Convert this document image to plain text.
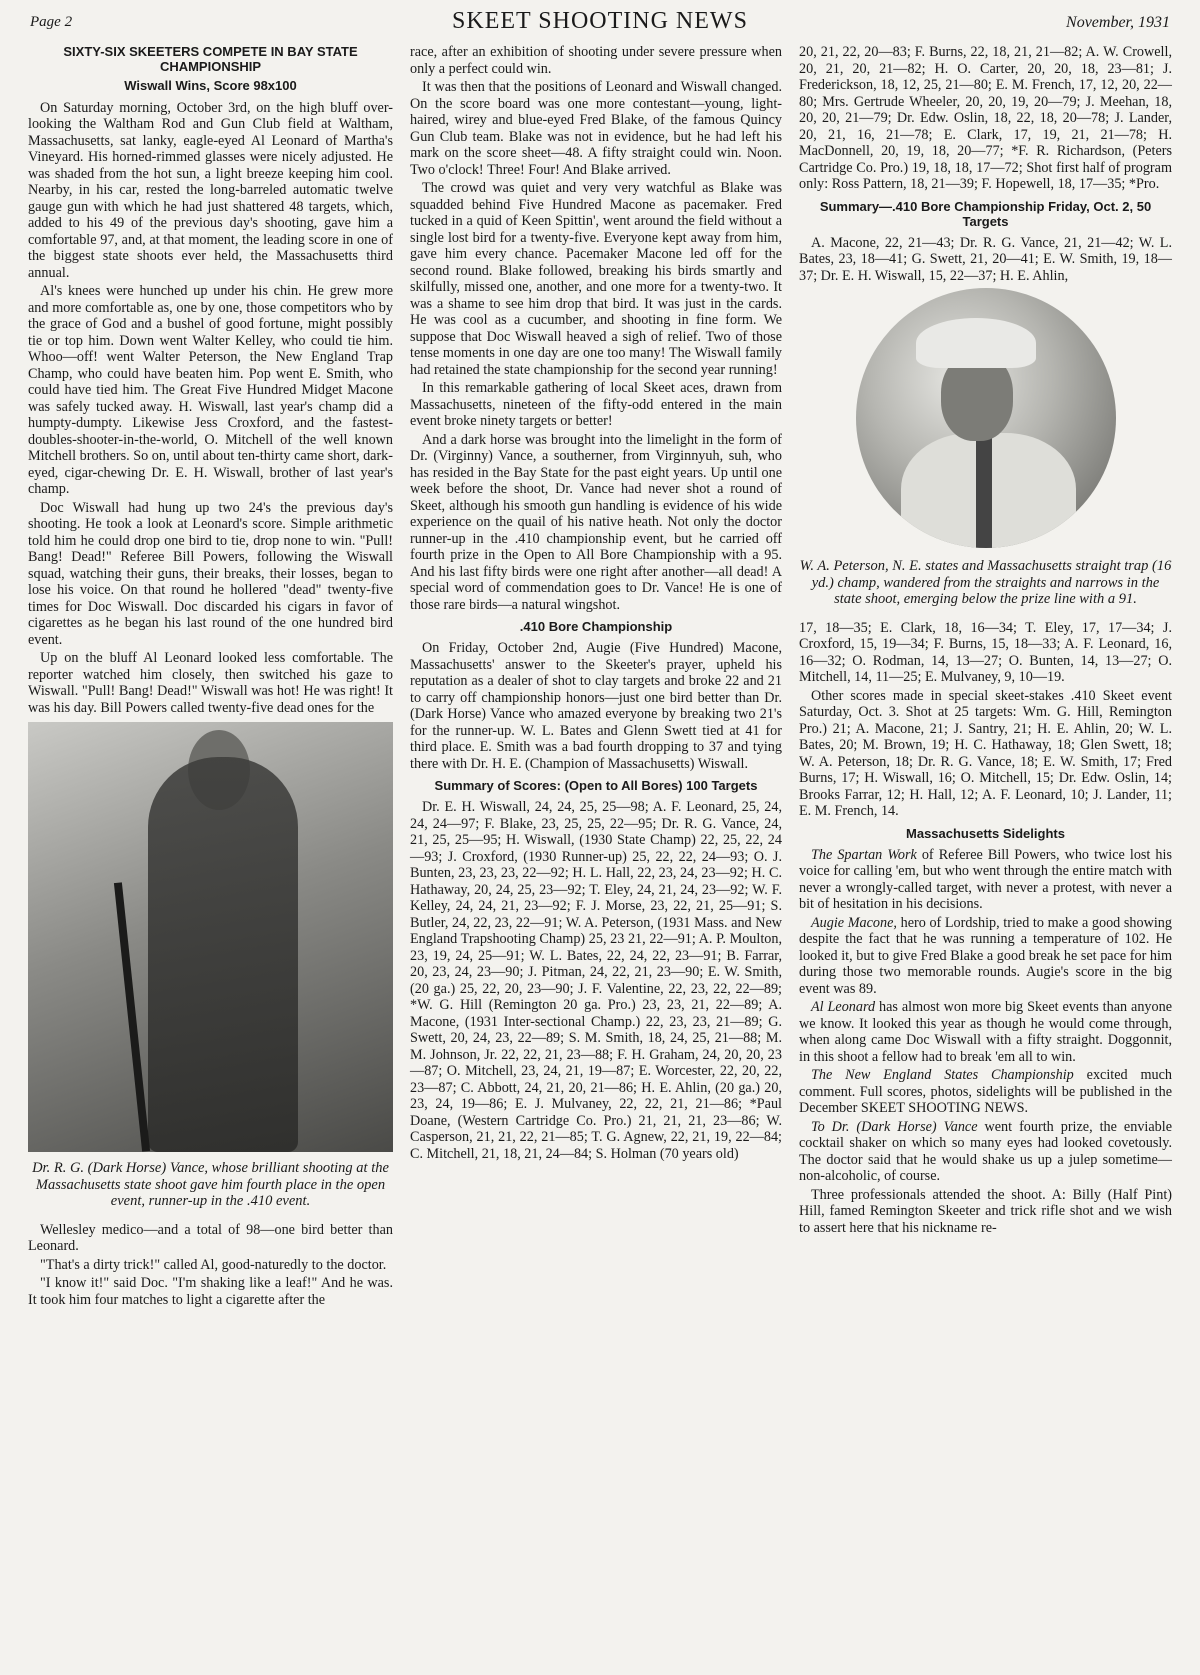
Page 2	SKEET SHOOTING NEWS	November, 1931
SIXTY-SIX SKEETERS COMPETE IN BAY STATE CHAMPIONSHIP
Wiswall Wins, Score 98x100

On Saturday morning, October 3rd, on the high bluff over-looking the Waltham Rod and Gun Club field at Waltham, Massachusetts, sat lanky, eagle-eyed Al Leonard of Martha's Vineyard. His horned-rimmed glasses were nicely adjusted. He was shaded from the hot sun, a light breeze keeping him cool. Nearby, in his car, rested the long-barreled automatic twelve gauge gun with which he had just shattered 48 targets, which, added to his 49 of the previous day's shooting, gave him a comfortable 97, and, at that moment, the leading score in one of the biggest state shoots ever held, the Massachusetts third annual.

Al's knees were hunched up under his chin. He grew more and more comfortable as, one by one, those competitors who by the grace of God and a bushel of good fortune, might possibly tie or top him. Down went Walter Kelley, who could tie him. Whoo—off! went Walter Peterson, the New England Trap Champ, who could have beaten him. Pop went E. Smith, who could have tied him. The Great Five Hundred Midget Macone was safely tucked away. H. Wiswall, last year's champ did a humpty-dumpty. Likewise Jess Croxford, and the fastest-doubles-shooter-in-the-world, O. Mitchell of the well known Mitchell brothers. So on, until about ten-thirty came short, dark-eyed, cigar-chewing Dr. E. H. Wiswall, brother of last year's champ.

Doc Wiswall had hung up two 24's the previous day's shooting. He took a look at Leonard's score. Simple arithmetic told him he could drop one bird to tie, drop none to win. "Pull! Bang! Dead!" Referee Bill Powers, following the Wiswall squad, watching their guns, their breaks, their losses, began to lose his voice. On that round he hollered "dead" twenty-five times for Doc Wiswall. Doc discarded his cigars in favor of cigarettes as he began his last round of the one hundred bird event.

Up on the bluff Al Leonard looked less comfortable. The reporter watched him closely, then switched his gaze to Wiswall. "Pull! Bang! Dead!" Wiswall was hot! He was right! It was his day. Bill Powers called twenty-five dead ones for the

Dr. R. G. (Dark Horse) Vance, whose brilliant shooting at the Massachusetts state shoot gave him fourth place in the open event, runner-up in the .410 event.

Wellesley medico—and a total of 98—one bird better than Leonard.

"That's a dirty trick!" called Al, good-naturedly to the doctor.

"I know it!" said Doc. "I'm shaking like a leaf!" And he was. It took him four matches to light a cigarette after the

race, after an exhibition of shooting under severe pressure when only a perfect could win.

It was then that the positions of Leonard and Wiswall changed. On the score board was one more contestant—young, light-haired, wirey and blue-eyed Fred Blake, of the famous Quincy Gun Club team. Blake was not in evidence, but he had left his mark on the score sheet—48. A fifty straight could win. Noon. Two o'clock! Three! Four! And Blake arrived.

The crowd was quiet and very very watchful as Blake was squadded behind Five Hundred Macone as pacemaker. Fred tucked in a quid of Keen Spittin', went around the field without a single lost bird for a twenty-five. Everyone kept away from him, gave him every chance. Pacemaker Macone led off for the second round. Blake followed, breaking his birds smartly and skilfully, missed one, another, and one more for a twenty-two. It was a shame to see him drop that bird. It was just in the cards. He was cool as a cucumber, and shooting in fine form. We suppose that Doc Wiswall heaved a sigh of relief. Two of those tense moments in one day are one too many! The Wiswall family had retained the state championship for the second year running!

In this remarkable gathering of local Skeet aces, drawn from Massachusetts, nineteen of the fifty-odd entered in the main event broke ninety targets or better!

And a dark horse was brought into the limelight in the form of Dr. (Virginny) Vance, a southerner, from Virginnyuh, suh, who has resided in the Bay State for the past eight years. Up until one week before the shoot, Dr. Vance had never shot a round of Skeet, although his smooth gun handling is evidence of his wide experience on the quail of his native heath. Not only the doctor runner-up in the .410 championship event, but he carried off fourth prize in the Open to All Bore Championship with a 95. And his last fifty birds were one right after another—all dead! A special word of commendation goes to Dr. Vance! He is one of those rare birds—a natural wingshot.

.410 Bore Championship

On Friday, October 2nd, Augie (Five Hundred) Macone, Massachusetts' answer to the Skeeter's prayer, upheld his reputation as a dealer of shot to clay targets and broke 22 and 21 to carry off championship honors—just one bird better than Dr. (Dark Horse) Vance who amazed everyone by breaking two 21's for the runner-up. W. L. Bates and Glenn Swett tied at 41 for third place. E. Smith was a bad fourth dropping to 37 and tying there with Dr. H. E. (Champion of Massachusetts) Wiswall.

Summary of Scores: (Open to All Bores) 100 Targets

Dr. E. H. Wiswall, 24, 24, 25, 25—98; A. F. Leonard, 25, 24, 24, 24—97; F. Blake, 23, 25, 25, 22—95; Dr. R. G. Vance, 24, 21, 25, 25—95; H. Wiswall, (1930 State Champ) 22, 25, 22, 24—93; J. Croxford, (1930 Runner-up) 25, 22, 22, 24—93; O. J. Bunten, 23, 23, 23, 22—92; H. L. Hall, 22, 23, 24, 23—92; H. C. Hathaway, 20, 24, 25, 23—92; T. Eley, 24, 21, 24, 23—92; W. F. Kelley, 24, 24, 21, 23—92; F. J. Morse, 23, 22, 21, 25—91; S. Butler, 24, 22, 23, 22—91; W. A. Peterson, (1931 Mass. and New England Trapshooting Champ) 25, 23 21, 22—91; A. P. Moulton, 23, 19, 24, 25—91; W. L. Bates, 22, 24, 22, 23—91; B. Farrar, 20, 23, 24, 23—90; J. Pitman, 24, 22, 21, 23—90; E. W. Smith, (20 ga.) 25, 22, 20, 23—90; J. F. Valentine, 22, 23, 22, 22—89; *W. G. Hill (Remington 20 ga. Pro.) 23, 23, 21, 22—89; A. Macone, (1931 Inter-sectional Champ.) 22, 23, 23, 21—89; G. Swett, 20, 24, 23, 22—89; S. M. Smith, 18, 24, 25, 21—88; M. M. Johnson, Jr. 22, 22, 21, 23—88; F. H. Graham, 24, 20, 20, 23—87; O. Mitchell, 23, 24, 21, 19—87; E. Worcester, 22, 20, 22, 23—87; C. Abbott, 24, 21, 20, 21—86; H. E. Ahlin, (20 ga.) 20, 23, 24, 19—86; E. J. Mulvaney, 22, 22, 21, 21—86; *Paul Doane, (Western Cartridge Co. Pro.) 21, 21, 21, 23—86; W. Casperson, 21, 21, 22, 21—85; T. G. Agnew, 22, 21, 19, 22—84; C. Mitchell, 21, 18, 21, 24—84; S. Holman (70 years old)

20, 21, 22, 20—83; F. Burns, 22, 18, 21, 21—82; A. W. Crowell, 20, 21, 20, 21—82; H. O. Carter, 20, 20, 18, 23—81; J. Frederickson, 18, 12, 25, 21—80; E. M. French, 17, 12, 20, 22—80; Mrs. Gertrude Wheeler, 20, 20, 19, 20—79; J. Meehan, 18, 20, 20, 21—79; Dr. Edw. Oslin, 18, 22, 18, 20—78; J. Lander, 20, 21, 16, 21—78; E. Clark, 17, 19, 21, 21—78; H. MacDonnell, 20, 19, 18, 20—77; *F. R. Richardson, (Peters Cartridge Co. Pro.) 19, 18, 18, 17—72; Shot first half of program only: Ross Pattern, 18, 21—39; F. Hopewell, 18, 17—35; *Pro.

Summary—.410 Bore Championship Friday, Oct. 2, 50 Targets

A. Macone, 22, 21—43; Dr. R. G. Vance, 21, 21—42; W. L. Bates, 23, 18—41; G. Swett, 21, 20—41; E. W. Smith, 19, 18—37; Dr. E. H. Wiswall, 15, 22—37; H. E. Ahlin,

W. A. Peterson, N. E. states and Massachusetts straight trap (16 yd.) champ, wandered from the straights and narrows in the state shoot, emerging below the prize line with a 91.

17, 18—35; E. Clark, 18, 16—34; T. Eley, 17, 17—34; J. Croxford, 15, 19—34; F. Burns, 15, 18—33; A. F. Leonard, 16, 16—32; O. Rodman, 14, 13—27; O. Bunten, 14, 13—27; O. Mitchell, 14, 11—25; E. Mulvaney, 9, 10—19.

Other scores made in special skeet-stakes .410 Skeet event Saturday, Oct. 3. Shot at 25 targets: Wm. G. Hill, Remington Pro.) 21; A. Macone, 21; J. Santry, 21; H. E. Ahlin, 20; W. L. Bates, 20; M. Brown, 19; H. C. Hathaway, 18; Glen Swett, 18; W. A. Peterson, 18; Dr. R. G. Vance, 18; E. W. Smith, 17; Fred Burns, 17; H. Wiswall, 16; O. Mitchell, 15; Dr. Edw. Oslin, 14; Brooks Farrar, 12; H. Hall, 12; A. F. Leonard, 10; J. Lander, 11; E. M. French, 14.

Massachusetts Sidelights

The Spartan Work of Referee Bill Powers, who twice lost his voice for calling 'em, but who went through the entire match with never a wrongly-called target, with never a protest, with never a bit of hesitation in his decisions.

Augie Macone, hero of Lordship, tried to make a good showing despite the fact that he was running a temperature of 102. He looked it, but to give Fred Blake a good break he set pace for him during those two memorable rounds. Augie's score in the big event was 89.

Al Leonard has almost won more big Skeet events than anyone we know. It looked this year as though he would come through, when along came Doc Wiswall with a fifty straight. Doggonnit, in this shoot a fellow had to break 'em all to win.

The New England States Championship excited much comment. Full scores, photos, sidelights will be published in the December SKEET SHOOTING NEWS.

To Dr. (Dark Horse) Vance went fourth prize, the enviable cocktail shaker on which so many eyes had looked covetously. The doctor said that he would shake us up a julep sometime—non-alcoholic, of course.

Three professionals attended the shoot. A: Billy (Half Pint) Hill, famed Remington Skeeter and trick rifle shot and we wish to assert here that his nickname re-
